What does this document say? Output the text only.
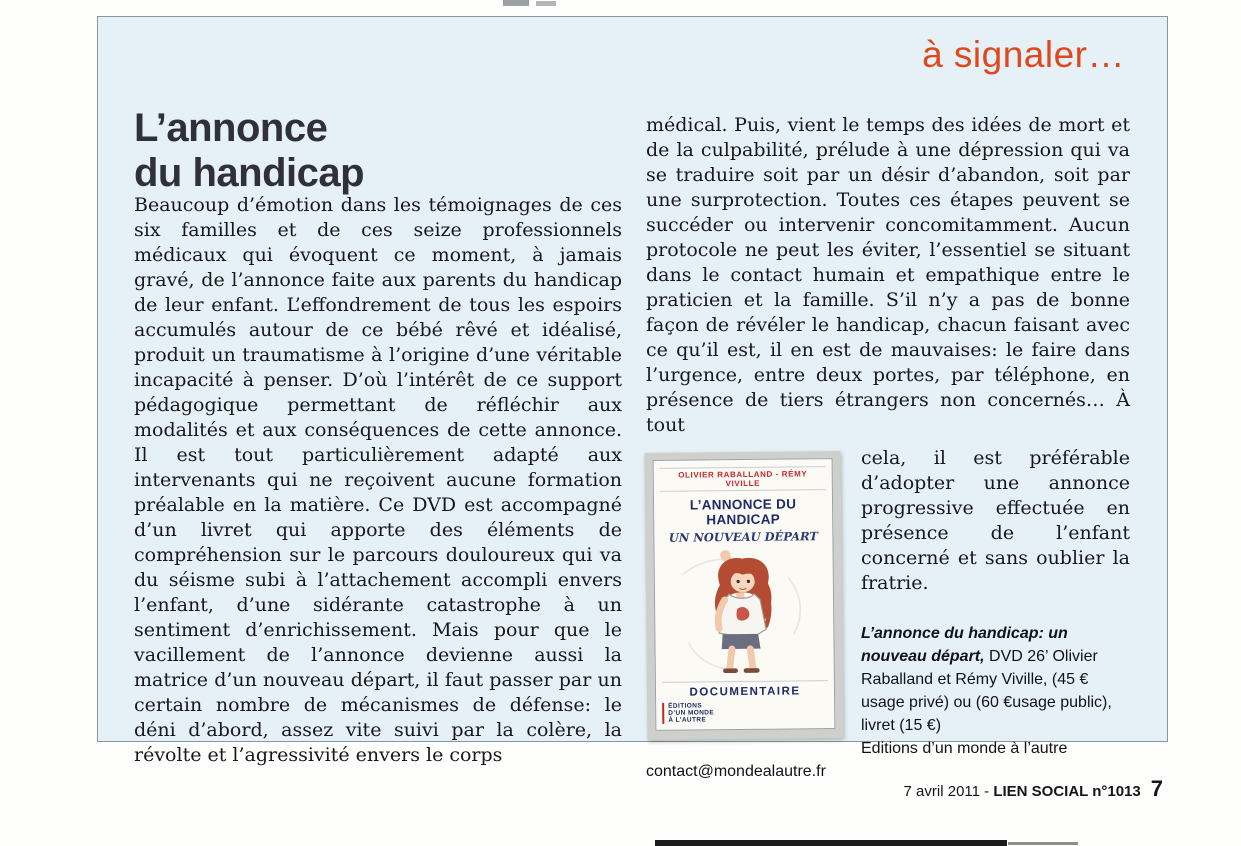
à signaler…
L’annonce
du handicap

Beaucoup d’émotion dans les témoignages de ces six familles et de ces seize professionnels médicaux qui évoquent ce moment, à jamais gravé, de l’annonce faite aux parents du handicap de leur enfant. L’effondrement de tous les espoirs accumulés autour de ce bébé rêvé et idéalisé, produit un traumatisme à l’origine d’une véritable incapacité à penser. D’où l’intérêt de ce support pédagogique permettant de réfléchir aux modalités et aux conséquences de cette annonce. Il est tout particulièrement adapté aux intervenants qui ne reçoivent aucune formation préalable en la matière. Ce DVD est accompagné d’un livret qui apporte des éléments de compréhension sur le parcours douloureux qui va du séisme subi à l’attachement accompli envers l’enfant, d’une sidérante catastrophe à un sentiment d’enrichissement. Mais pour que le vacillement de l’annonce devienne aussi la matrice d’un nouveau départ, il faut passer par un certain nombre de mécanismes de défense: le déni d’abord, assez vite suivi par la colère, la révolte et l’agressivité envers le corps

médical. Puis, vient le temps des idées de mort et de la culpabilité, prélude à une dépression qui va se traduire soit par un désir d’abandon, soit par une surprotection. Toutes ces étapes peuvent se succéder ou intervenir concomitamment. Aucun protocole ne peut les éviter, l’essentiel se situant dans le contact humain et empathique entre le praticien et la famille. S’il n’y a pas de bonne façon de révéler le handicap, chacun faisant avec ce qu’il est, il en est de mauvaises: le faire dans l’urgence, entre deux portes, par téléphone, en présence de tiers étrangers non concernés… À tout

OLIVIER RABALLAND - RÉMY VIVILLE
L’ANNONCE DU HANDICAP
UN NOUVEAU DÉPART
DOCUMENTAIRE
ÉDITIONS
D’UN MONDE
À L’AUTRE

cela, il est préférable d’adopter une annonce progressive effectuée en présence de l’enfant concerné et sans oublier la fratrie.

L’annonce du handicap: un nouveau départ, DVD 26’ Olivier Raballand et Rémy Viville, (45 € usage privé) ou (60 €usage public), livret (15 €)
Editions d’un monde à l’autre
contact@mondealautre.fr
7 avril 2011 - LIEN SOCIAL n°1013 7
